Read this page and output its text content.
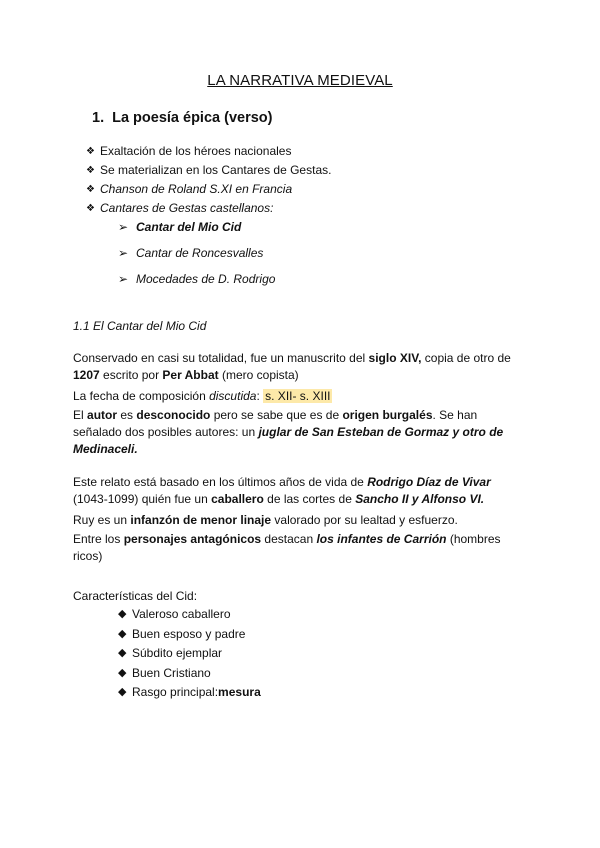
LA NARRATIVA MEDIEVAL
1. La poesía épica (verso)
❖ Exaltación de los héroes nacionales
❖ Se materializan en los Cantares de Gestas.
❖ Chanson de Roland S.XI en Francia
❖ Cantares de Gestas castellanos:
➢ Cantar del Mio Cid
➢ Cantar de Roncesvalles
➢ Mocedades de D. Rodrigo
1.1 El Cantar del Mio Cid
Conservado en casi su totalidad, fue un manuscrito del siglo XIV, copia de otro de 1207 escrito por Per Abbat (mero copista)
La fecha de composición discutida: s. XII- s. XIII
El autor es desconocido pero se sabe que es de origen burgalés. Se han señalado dos posibles autores: un juglar de San Esteban de Gormaz y otro de Medinaceli.
Este relato está basado en los últimos años de vida de Rodrigo Díaz de Vivar (1043-1099) quién fue un caballero de las cortes de Sancho II y Alfonso VI.
Ruy es un infanzón de menor linaje valorado por su lealtad y esfuerzo.
Entre los personajes antagónicos destacan los infantes de Carrión (hombres ricos)
Características del Cid:
◆ Valeroso caballero
◆ Buen esposo y padre
◆ Súbdito ejemplar
◆ Buen Cristiano
◆ Rasgo principal: mesura
